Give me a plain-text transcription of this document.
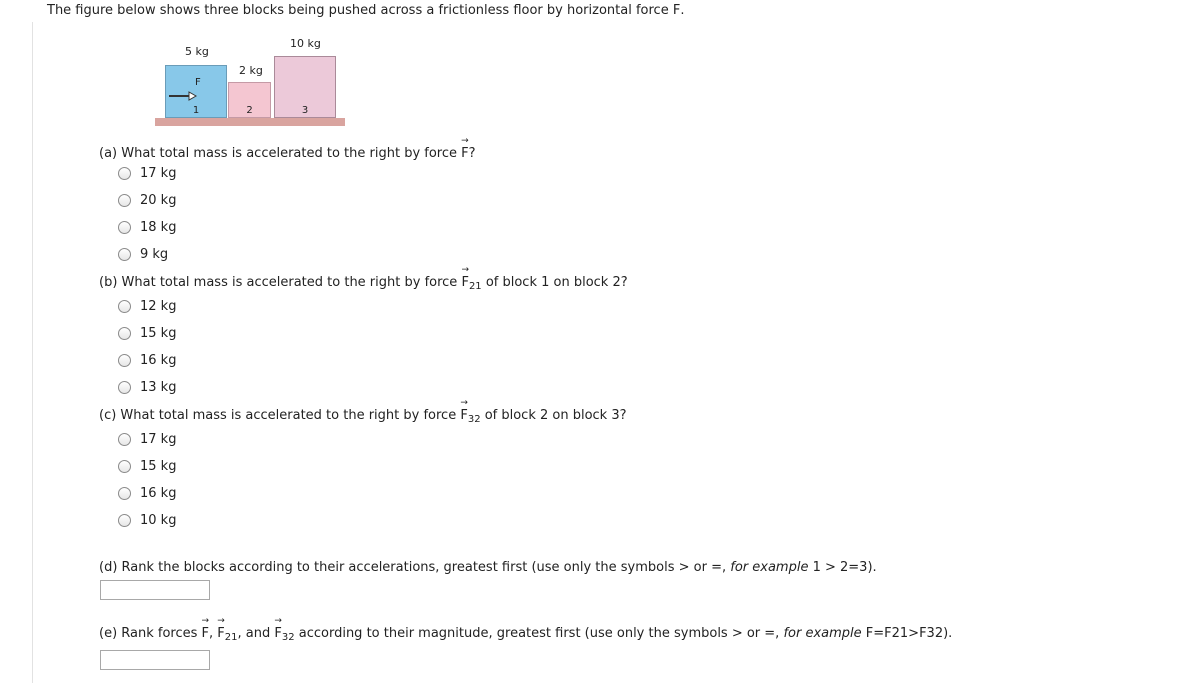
The figure below shows three blocks being pushed across a frictionless floor by horizontal force → F.
5 kg
2 kg
10 kg
1	2	3
F
(a) What total mass is accelerated to the right by force → F?
17 kg
20 kg
18 kg
9 kg
(b) What total mass is accelerated to the right by force → $F_{21}$ of block 1 on block 2?
12 kg
15 kg
16 kg
13 kg
(c) What total mass is accelerated to the right by force → $F_{32}$ of block 2 on block 3?
17 kg
15 kg
16 kg
10 kg
(d) Rank the blocks according to their accelerations, greatest first (use only the symbols > or =, for example 1 > 2=3).
(e) Rank forces → F, → $F_{21}$, and → $F_{32}$ according to their magnitude, greatest first (use only the symbols > or =, for example F=F21>F32).
